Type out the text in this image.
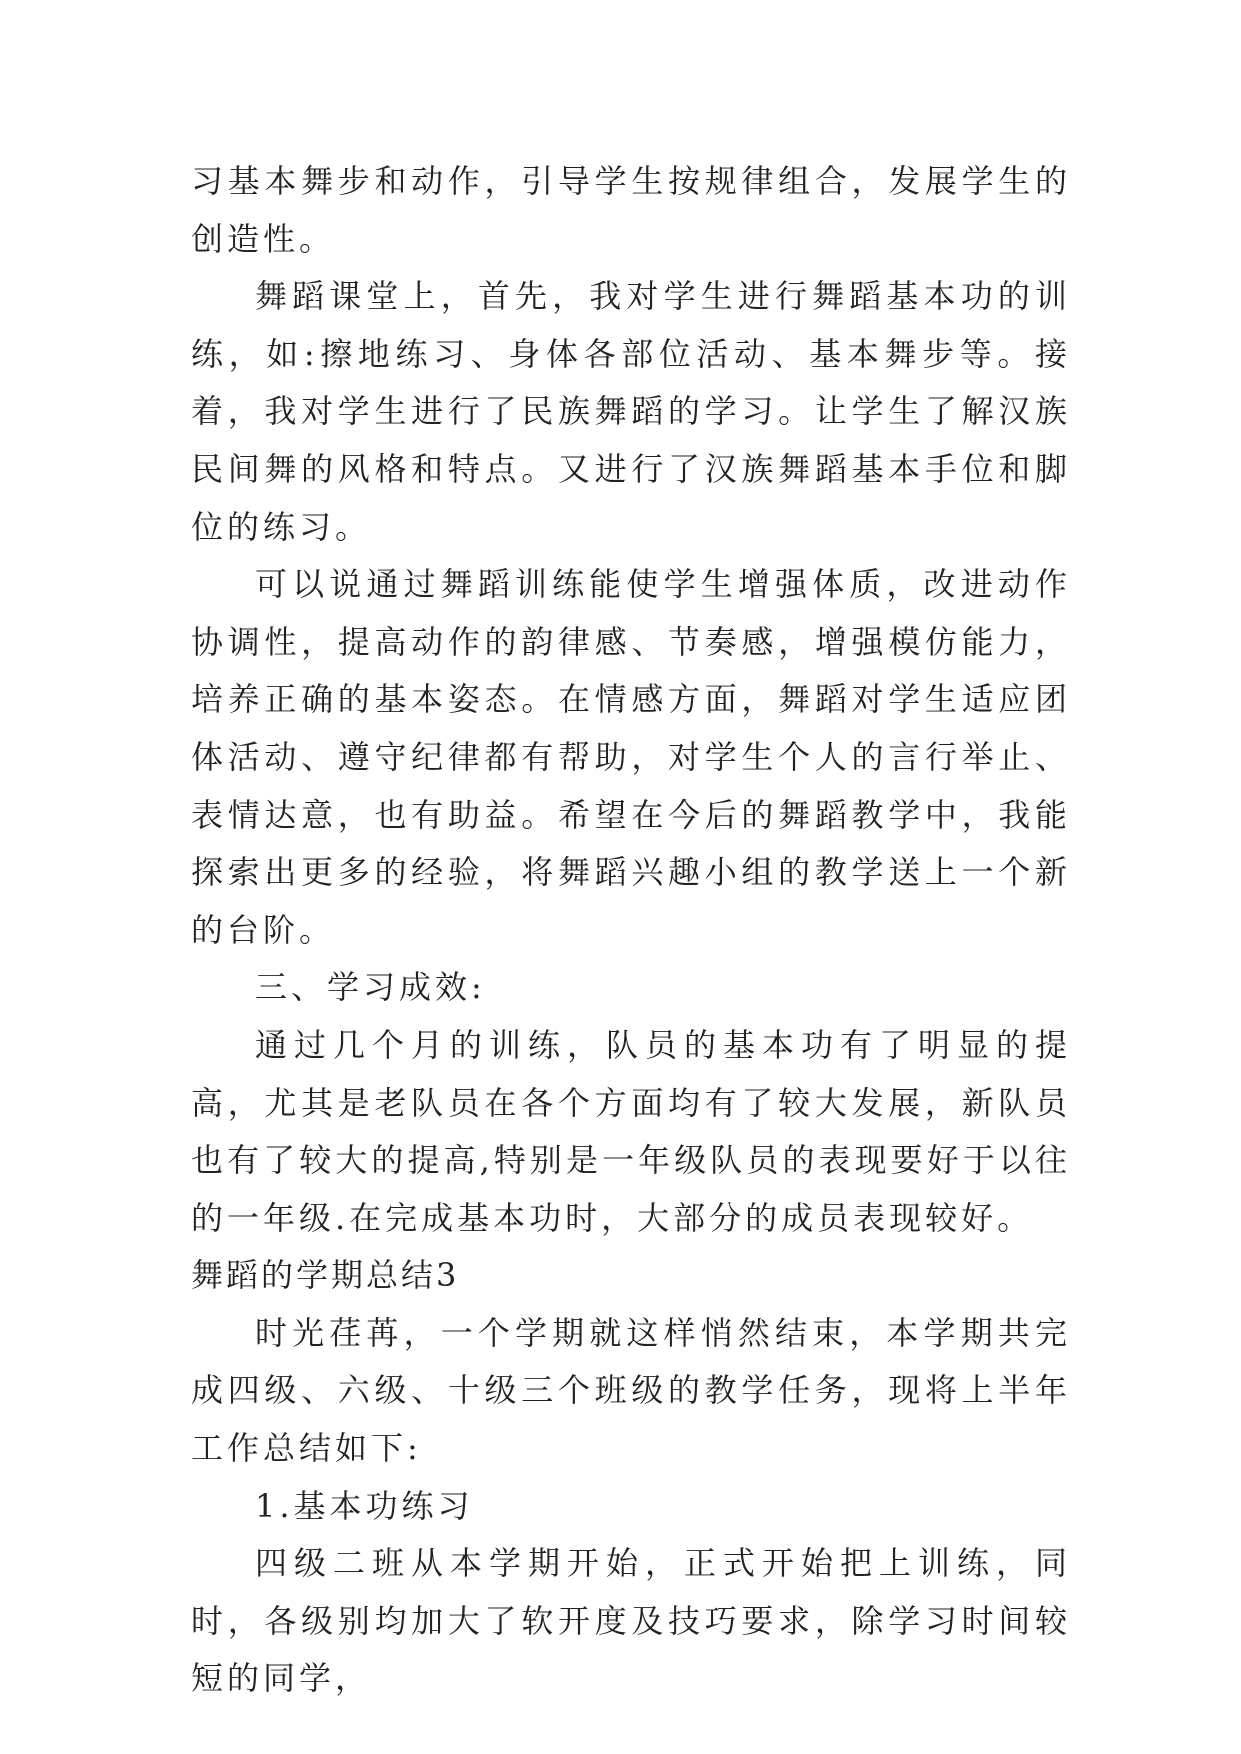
习基本舞步和动作，引导学生按规律组合，发展学生的创造性。

舞蹈课堂上，首先，我对学生进行舞蹈基本功的训练，如:擦地练习、身体各部位活动、基本舞步等。接着，我对学生进行了民族舞蹈的学习。让学生了解汉族民间舞的风格和特点。又进行了汉族舞蹈基本手位和脚位的练习。

可以说通过舞蹈训练能使学生增强体质，改进动作协调性，提高动作的韵律感、节奏感，增强模仿能力，培养正确的基本姿态。在情感方面，舞蹈对学生适应团体活动、遵守纪律都有帮助，对学生个人的言行举止、表情达意，也有助益。希望在今后的舞蹈教学中，我能探索出更多的经验，将舞蹈兴趣小组的教学送上一个新的台阶。

三、学习成效:

通过几个月的训练，队员的基本功有了明显的提高，尤其是老队员在各个方面均有了较大发展，新队员也有了较大的提高,特别是一年级队员的表现要好于以往的一年级.在完成基本功时，大部分的成员表现较好。

舞蹈的学期总结3

时光荏苒，一个学期就这样悄然结束，本学期共完成四级、六级、十级三个班级的教学任务，现将上半年工作总结如下:

1.基本功练习

四级二班从本学期开始，正式开始把上训练，同时，各级别均加大了软开度及技巧要求，除学习时间较短的同学，
